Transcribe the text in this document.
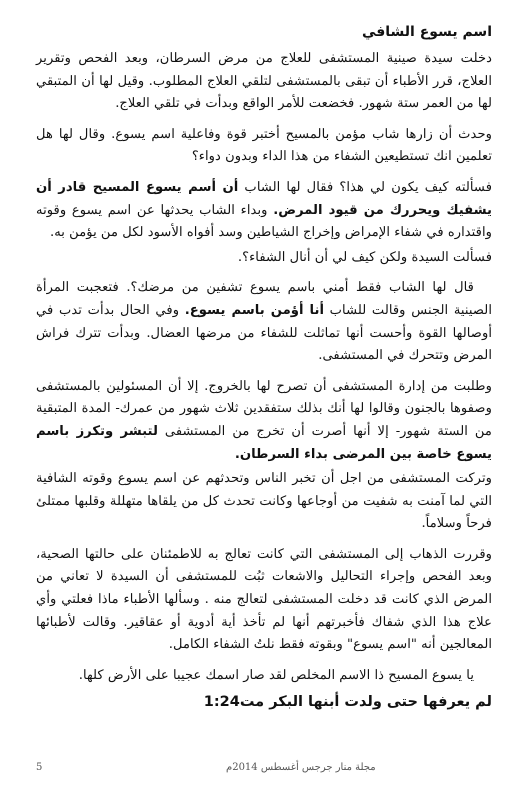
اسم يسوع الشافي

دخلت سيدة صينية المستشفى للعلاج من مرض السرطان، وبعد الفحص وتقرير العلاج، قرر الأطباء أن تبقى بالمستشفى لتلقي العلاج المطلوب. وقيل لها أن المتبقي لها من العمر ستة شهور. فخضعت للأمر الواقع وبدأت في تلقي العلاج.

وحدث أن زارها شاب مؤمن بالمسيح أختبر قوة وفاعلية اسم يسوع. وقال لها هل تعلمين انك تستطيعين الشفاء من هذا الداء وبدون دواء؟

فسألته كيف يكون لي هذا؟ فقال لها الشاب أن أسم يسوع المسيح قادر أن يشفيك ويحررك من قيود المرض. وبداء الشاب يحدثها عن اسم يسوع وقوته واقتداره في شفاء الإمراض وإخراج الشياطين وسد أفواه الأسود لكل من يؤمن به.

فسألت السيدة ولكن كيف لي أن أنال الشفاء؟.

قال لها الشاب فقط أمني باسم يسوع تشفين من مرضك؟. فتعجبت المرأة الصينية الجنس وقالت للشاب أنا أؤمن باسم يسوع. وفي الحال بدأت تدب في أوصالها القوة وأحست أنها تماثلت للشفاء من مرضها العضال. وبدأت تترك فراش المرض وتتحرك في المستشفى.

وطلبت من إدارة المستشفى أن تصرح لها بالخروج. إلا أن المسئولين بالمستشفى وصفوها بالجنون وقالوا لها أنك بذلك ستفقدين ثلاث شهور من عمرك- المدة المتبقية من الستة شهور- إلا أنها أصرت أن تخرج من المستشفى لتبشر وتكرز باسم يسوع خاصة بين المرضى بداء السرطان.

وتركت المستشفى من اجل أن تخبر الناس وتحدثهم عن اسم يسوع وقوته الشافية التي لما آمنت به شفيت من أوجاعها وكانت تحدث كل من يلقاها متهللة وقلبها ممتلئ فرحاً وسلاماً.

وقررت الذهاب إلى المستشفى التي كانت تعالج به للاطمئنان على حالتها الصحية، وبعد الفحص وإجراء التحاليل والاشعات ثبُت للمستشفى أن السيدة لا تعاني من المرض الذي كانت قد دخلت المستشفى لتعالج منه . وسألها الأطباء ماذا فعلتي وأي علاج هذا الذي شفاك فأخبرتهم أنها لم تأخذ أية أدوية أو عقاقير. وقالت لأطبائها المعالجين أنه "اسم يسوع" وبقوته فقط نلتُ الشفاء الكامل.

يا يسوع المسيح ذا الاسم المخلص لقد صار اسمك عجيبا على الأرض كلها.

لم يعرفها حتى ولدت أبنها البكر مت1:24

مجلة منار جرجس أغسطس 2014م
5
